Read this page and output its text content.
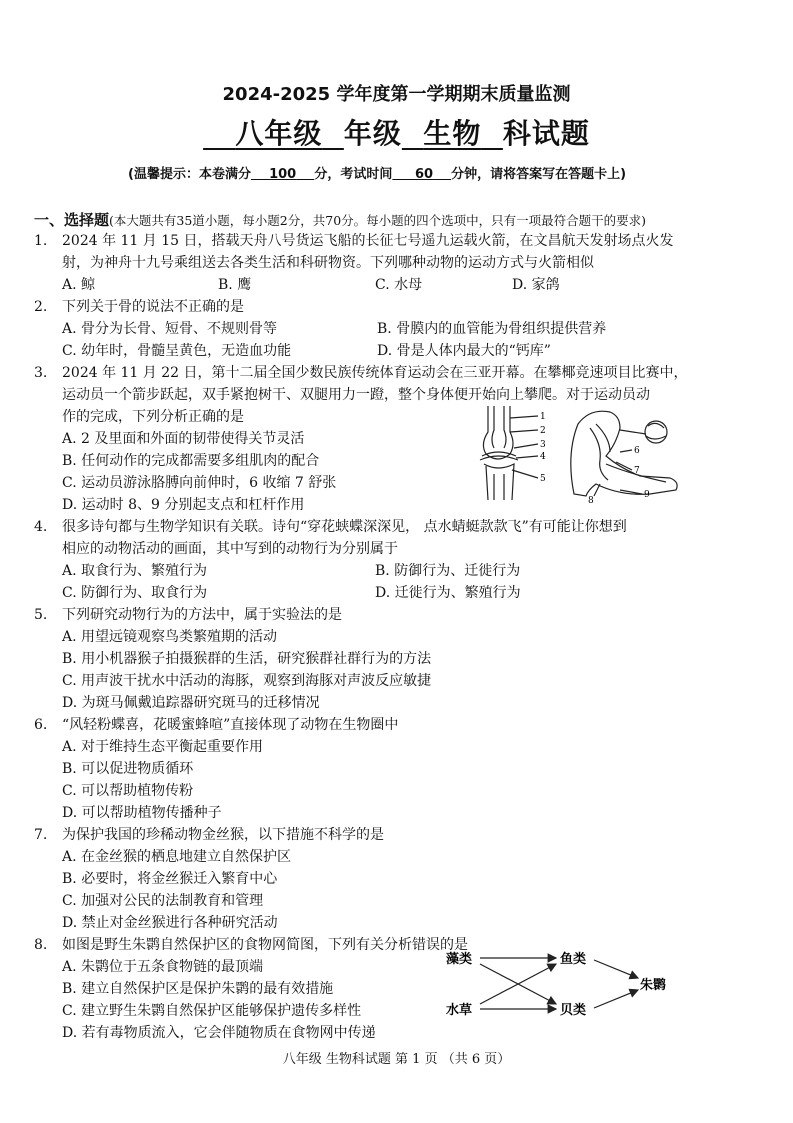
2024-2025 学年度第一学期期末质量监测
八年级 年级 生物 科试题
(温馨提示：本卷满分 100 分，考试时间 60 分钟，请将答案写在答题卡上)
一、选择题(本大题共有35道小题，每小题2分，共70分。每小题的四个选项中，只有一项最符合题干的要求)
1. 2024 年 11 月 15 日，搭载天舟八号货运飞船的长征七号遥九运载火箭，在文昌航天发射场点火发
射，为神舟十九号乘组送去各类生活和科研物资。下列哪种动物的运动方式与火箭相似
A. 鲸	B. 鹰	C. 水母	D. 家鸽
2. 下列关于骨的说法不正确的是
A. 骨分为长骨、短骨、不规则骨等	B. 骨膜内的血管能为骨组织提供营养
C. 幼年时，骨髓呈黄色，无造血功能	D. 骨是人体内最大的“钙库”
3. 2024 年 11 月 22 日，第十二届全国少数民族传统体育运动会在三亚开幕。在攀椰竞速项目比赛中，
运动员一个箭步跃起，双手紧抱树干、双腿用力一蹬，整个身体便开始向上攀爬。对于运动员动
作的完成，下列分析正确的是
A. 2 及里面和外面的韧带使得关节灵活
B. 任何动作的完成都需要多组肌肉的配合
C. 运动员游泳胳膊向前伸时，6 收缩 7 舒张
D. 运动时 8、9 分别起支点和杠杆作用
1
2
3
4
5
6
7
8
9
4. 很多诗句都与生物学知识有关联。诗句“穿花蛱蝶深深见， 点水蜻蜓款款飞”有可能让你想到
相应的动物活动的画面，其中写到的动物行为分别属于
A. 取食行为、繁殖行为	B. 防御行为、迁徙行为
C. 防御行为、取食行为	D. 迁徙行为、繁殖行为
5. 下列研究动物行为的方法中，属于实验法的是
A. 用望远镜观察鸟类繁殖期的活动
B. 用小机器猴子拍摄猴群的生活，研究猴群社群行为的方法
C. 用声波干扰水中活动的海豚，观察到海豚对声波反应敏捷
D. 为斑马佩戴追踪器研究斑马的迁移情况
6. “风轻粉蝶喜，花暖蜜蜂喧”直接体现了动物在生物圈中
A. 对于维持生态平衡起重要作用
B. 可以促进物质循环
C. 可以帮助植物传粉
D. 可以帮助植物传播种子
7. 为保护我国的珍稀动物金丝猴，以下措施不科学的是
A. 在金丝猴的栖息地建立自然保护区
B. 必要时，将金丝猴迁入繁育中心
C. 加强对公民的法制教育和管理
D. 禁止对金丝猴进行各种研究活动
8. 如图是野生朱鹮自然保护区的食物网简图，下列有关分析错误的是
A. 朱鹮位于五条食物链的最顶端
B. 建立自然保护区是保护朱鹮的最有效措施
C. 建立野生朱鹮自然保护区能够保护遗传多样性
D. 若有毒物质流入，它会伴随物质在食物网中传递
藻类
水草
鱼类
贝类
朱鹮
八年级 生物科试题 第 1 页 （共 6 页）
